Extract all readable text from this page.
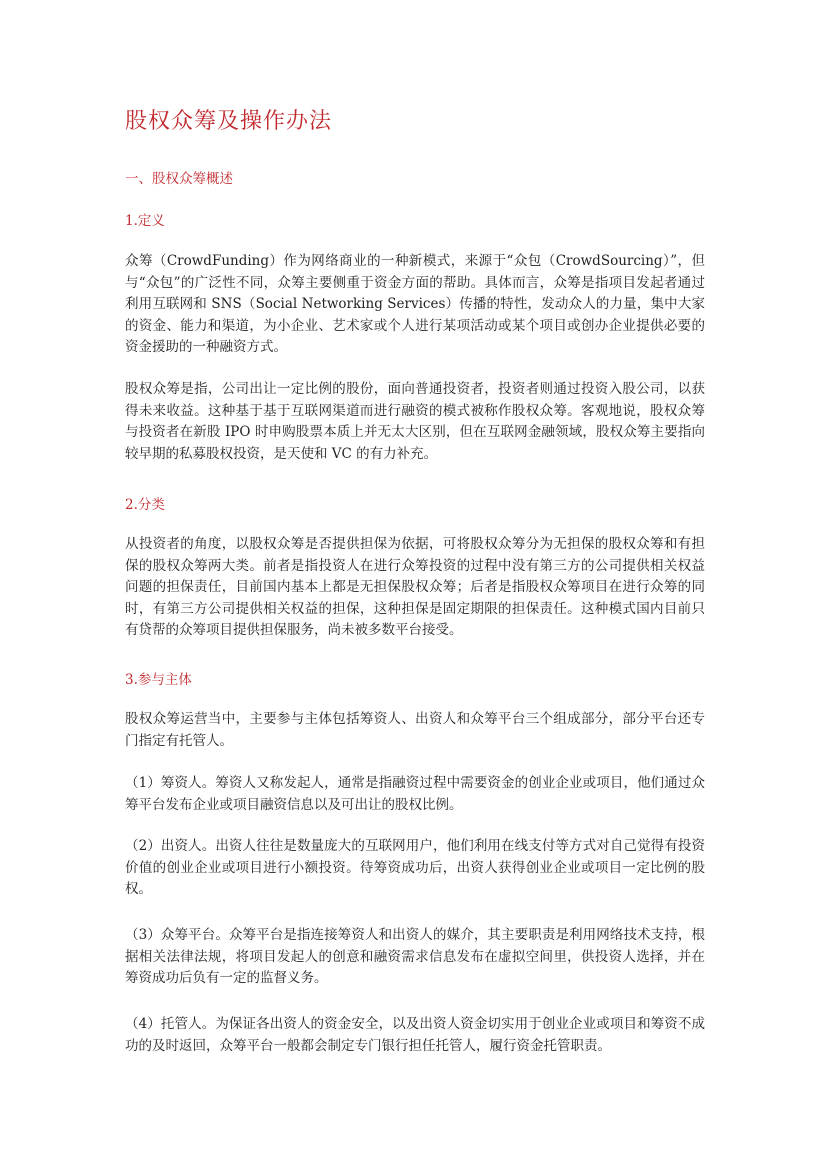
股权众筹及操作办法
一、股权众筹概述
1.定义

众筹（CrowdFunding）作为网络商业的一种新模式，来源于“众包（CrowdSourcing）”，但与“众包”的广泛性不同，众筹主要侧重于资金方面的帮助。具体而言，众筹是指项目发起者通过利用互联网和 SNS（Social Networking Services）传播的特性，发动众人的力量，集中大家的资金、能力和渠道，为小企业、艺术家或个人进行某项活动或某个项目或创办企业提供必要的资金援助的一种融资方式。

股权众筹是指，公司出让一定比例的股份，面向普通投资者，投资者则通过投资入股公司，以获得未来收益。这种基于基于互联网渠道而进行融资的模式被称作股权众筹。客观地说，股权众筹与投资者在新股 IPO 时申购股票本质上并无太大区别，但在互联网金融领域，股权众筹主要指向较早期的私募股权投资，是天使和 VC 的有力补充。

2.分类

从投资者的角度，以股权众筹是否提供担保为依据，可将股权众筹分为无担保的股权众筹和有担保的股权众筹两大类。前者是指投资人在进行众筹投资的过程中没有第三方的公司提供相关权益问题的担保责任，目前国内基本上都是无担保股权众筹；后者是指股权众筹项目在进行众筹的同时，有第三方公司提供相关权益的担保，这种担保是固定期限的担保责任。这种模式国内目前只有贷帮的众筹项目提供担保服务，尚未被多数平台接受。

3.参与主体

股权众筹运营当中，主要参与主体包括筹资人、出资人和众筹平台三个组成部分，部分平台还专门指定有托管人。

（1）筹资人。筹资人又称发起人，通常是指融资过程中需要资金的创业企业或项目，他们通过众筹平台发布企业或项目融资信息以及可出让的股权比例。

（2）出资人。出资人往往是数量庞大的互联网用户，他们利用在线支付等方式对自己觉得有投资价值的创业企业或项目进行小额投资。待筹资成功后，出资人获得创业企业或项目一定比例的股权。

（3）众筹平台。众筹平台是指连接筹资人和出资人的媒介，其主要职责是利用网络技术支持，根据相关法律法规，将项目发起人的创意和融资需求信息发布在虚拟空间里，供投资人选择，并在筹资成功后负有一定的监督义务。

（4）托管人。为保证各出资人的资金安全，以及出资人资金切实用于创业企业或项目和筹资不成功的及时返回，众筹平台一般都会制定专门银行担任托管人，履行资金托管职责。
